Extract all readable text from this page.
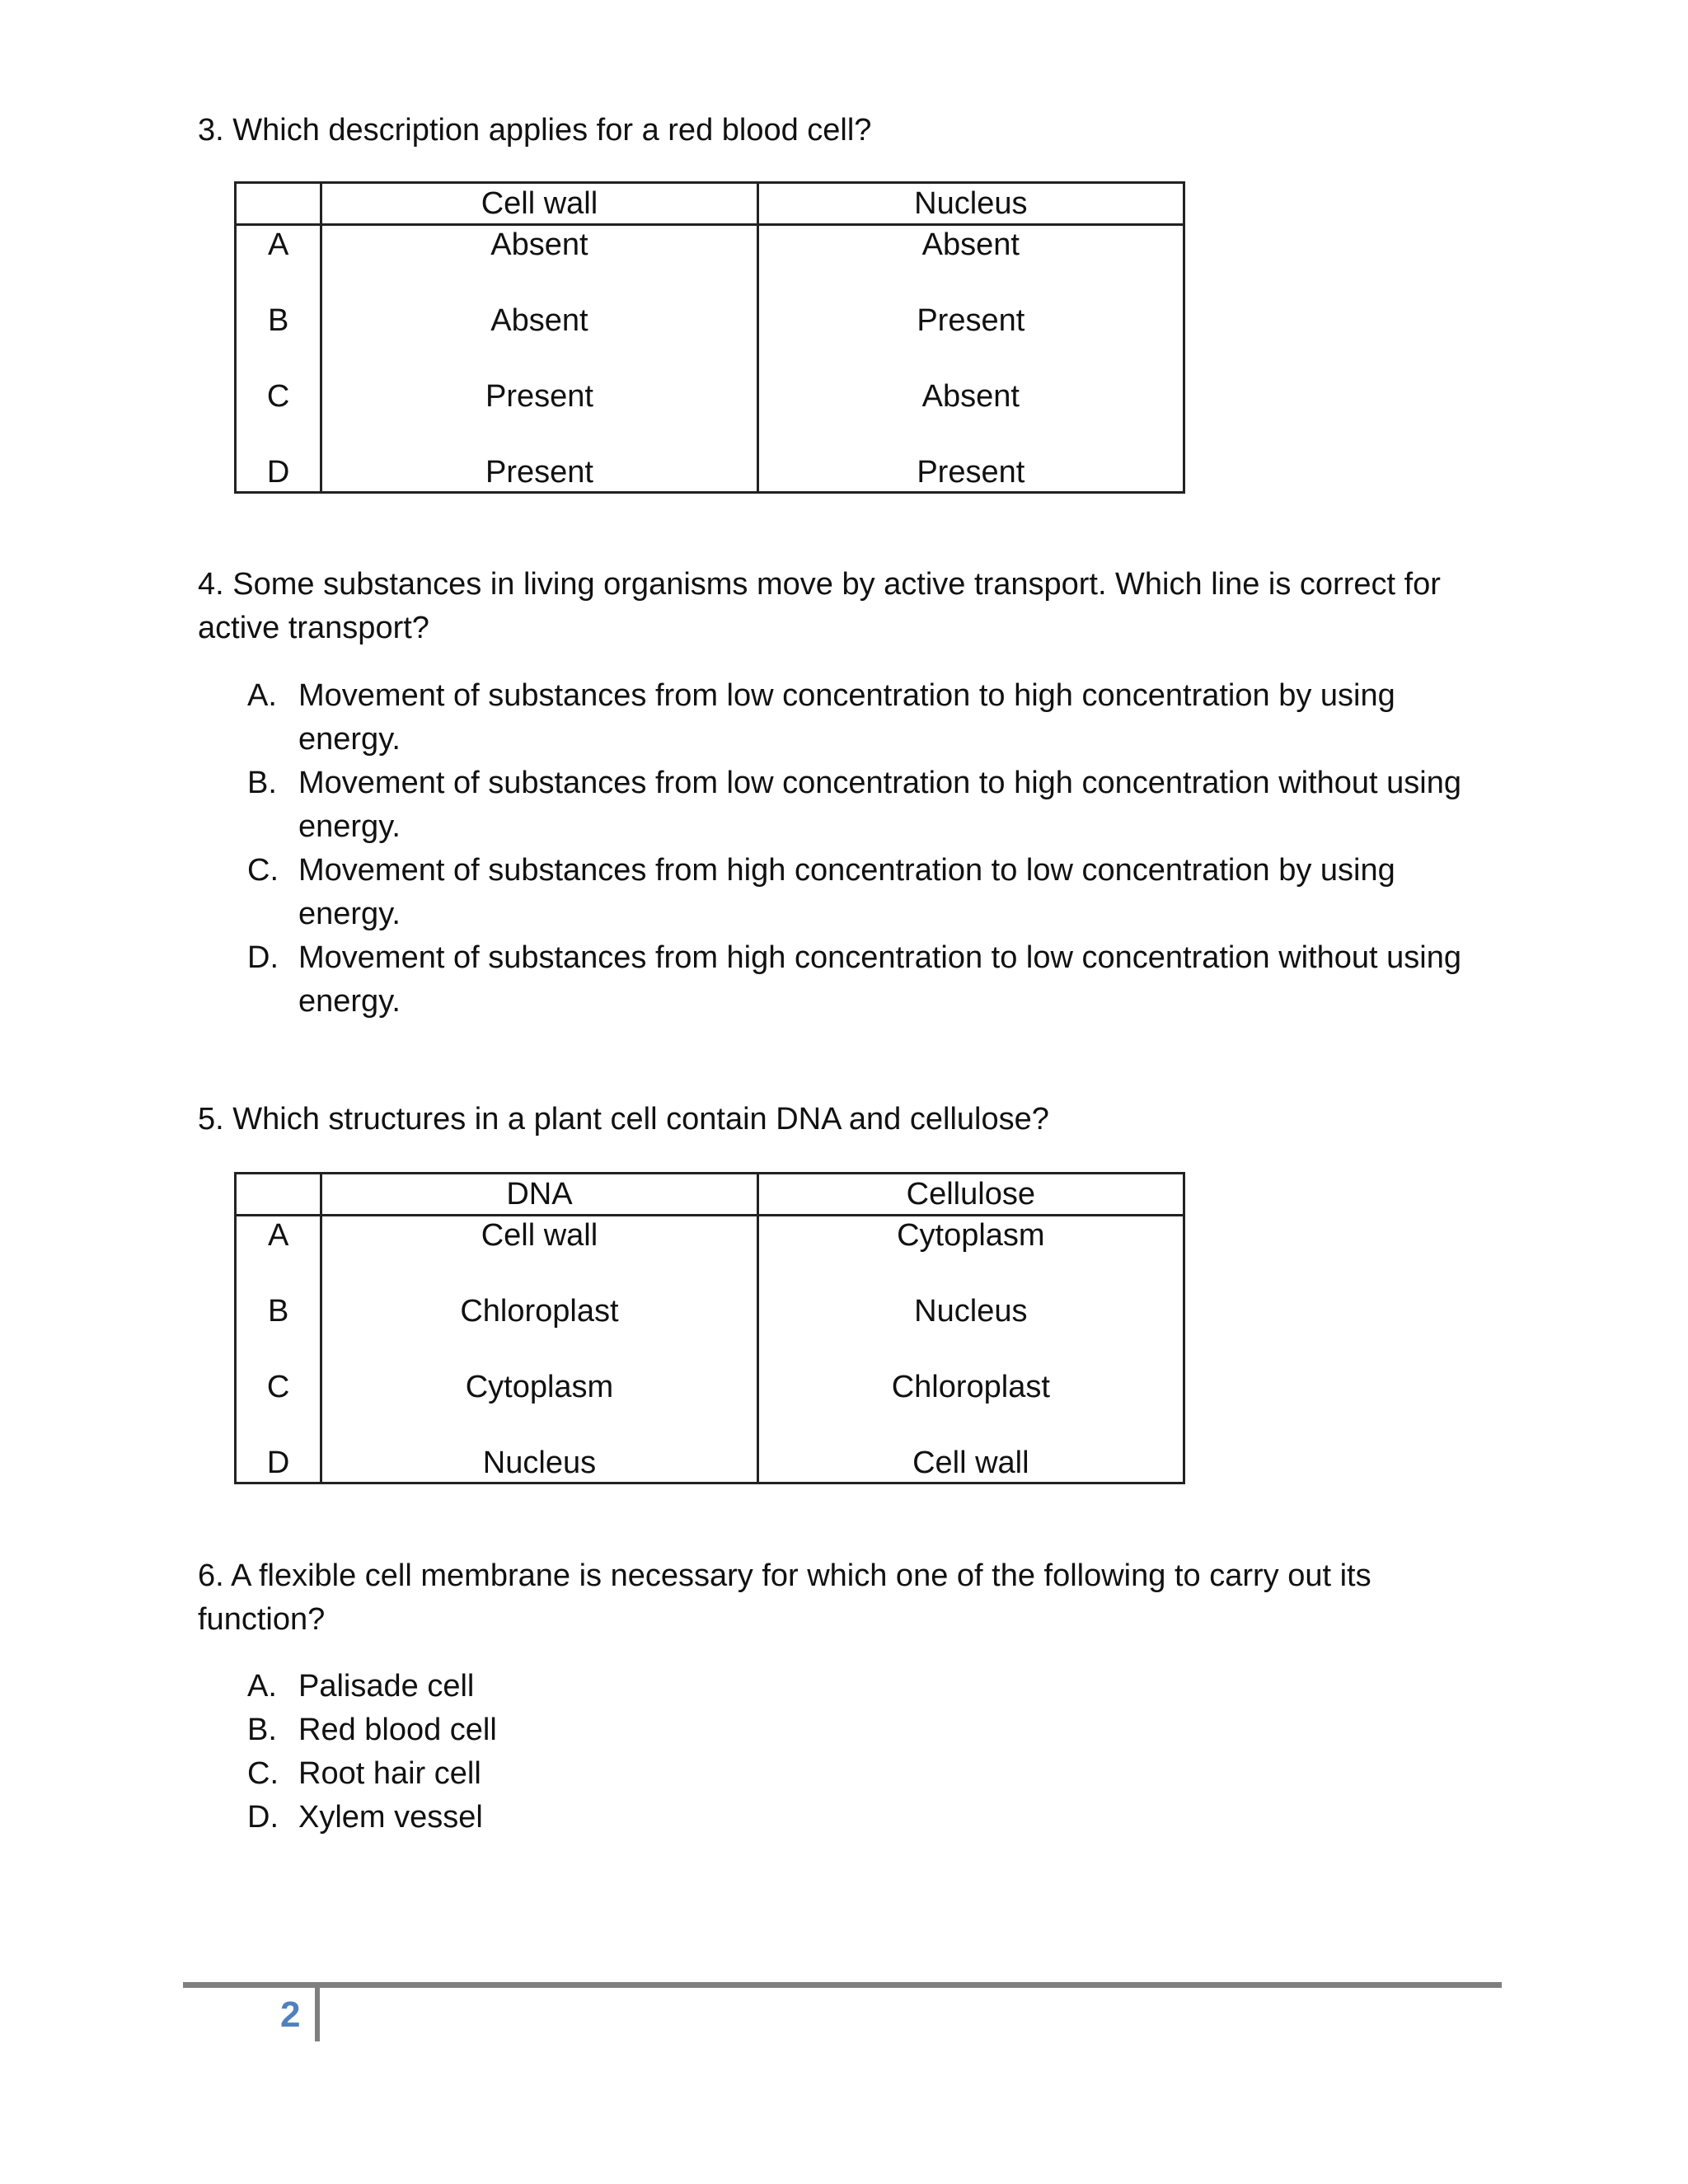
3. Which description applies for a red blood cell?

	Cell wall	Nucleus
A	Absent	Absent
B	Absent	Present
C	Present	Absent
D	Present	Present

4. Some substances in living organisms move by active transport. Which line is correct for active transport?

A. Movement of substances from low concentration to high concentration by using energy.
B. Movement of substances from low concentration to high concentration without using energy.
C. Movement of substances from high concentration to low concentration by using energy.
D. Movement of substances from high concentration to low concentration without using energy.

5. Which structures in a plant cell contain DNA and cellulose?

	DNA	Cellulose
A	Cell wall	Cytoplasm
B	Chloroplast	Nucleus
C	Cytoplasm	Chloroplast
D	Nucleus	Cell wall

6. A flexible cell membrane is necessary for which one of the following to carry out its function?

A. Palisade cell
B. Red blood cell
C. Root hair cell
D. Xylem vessel
2
